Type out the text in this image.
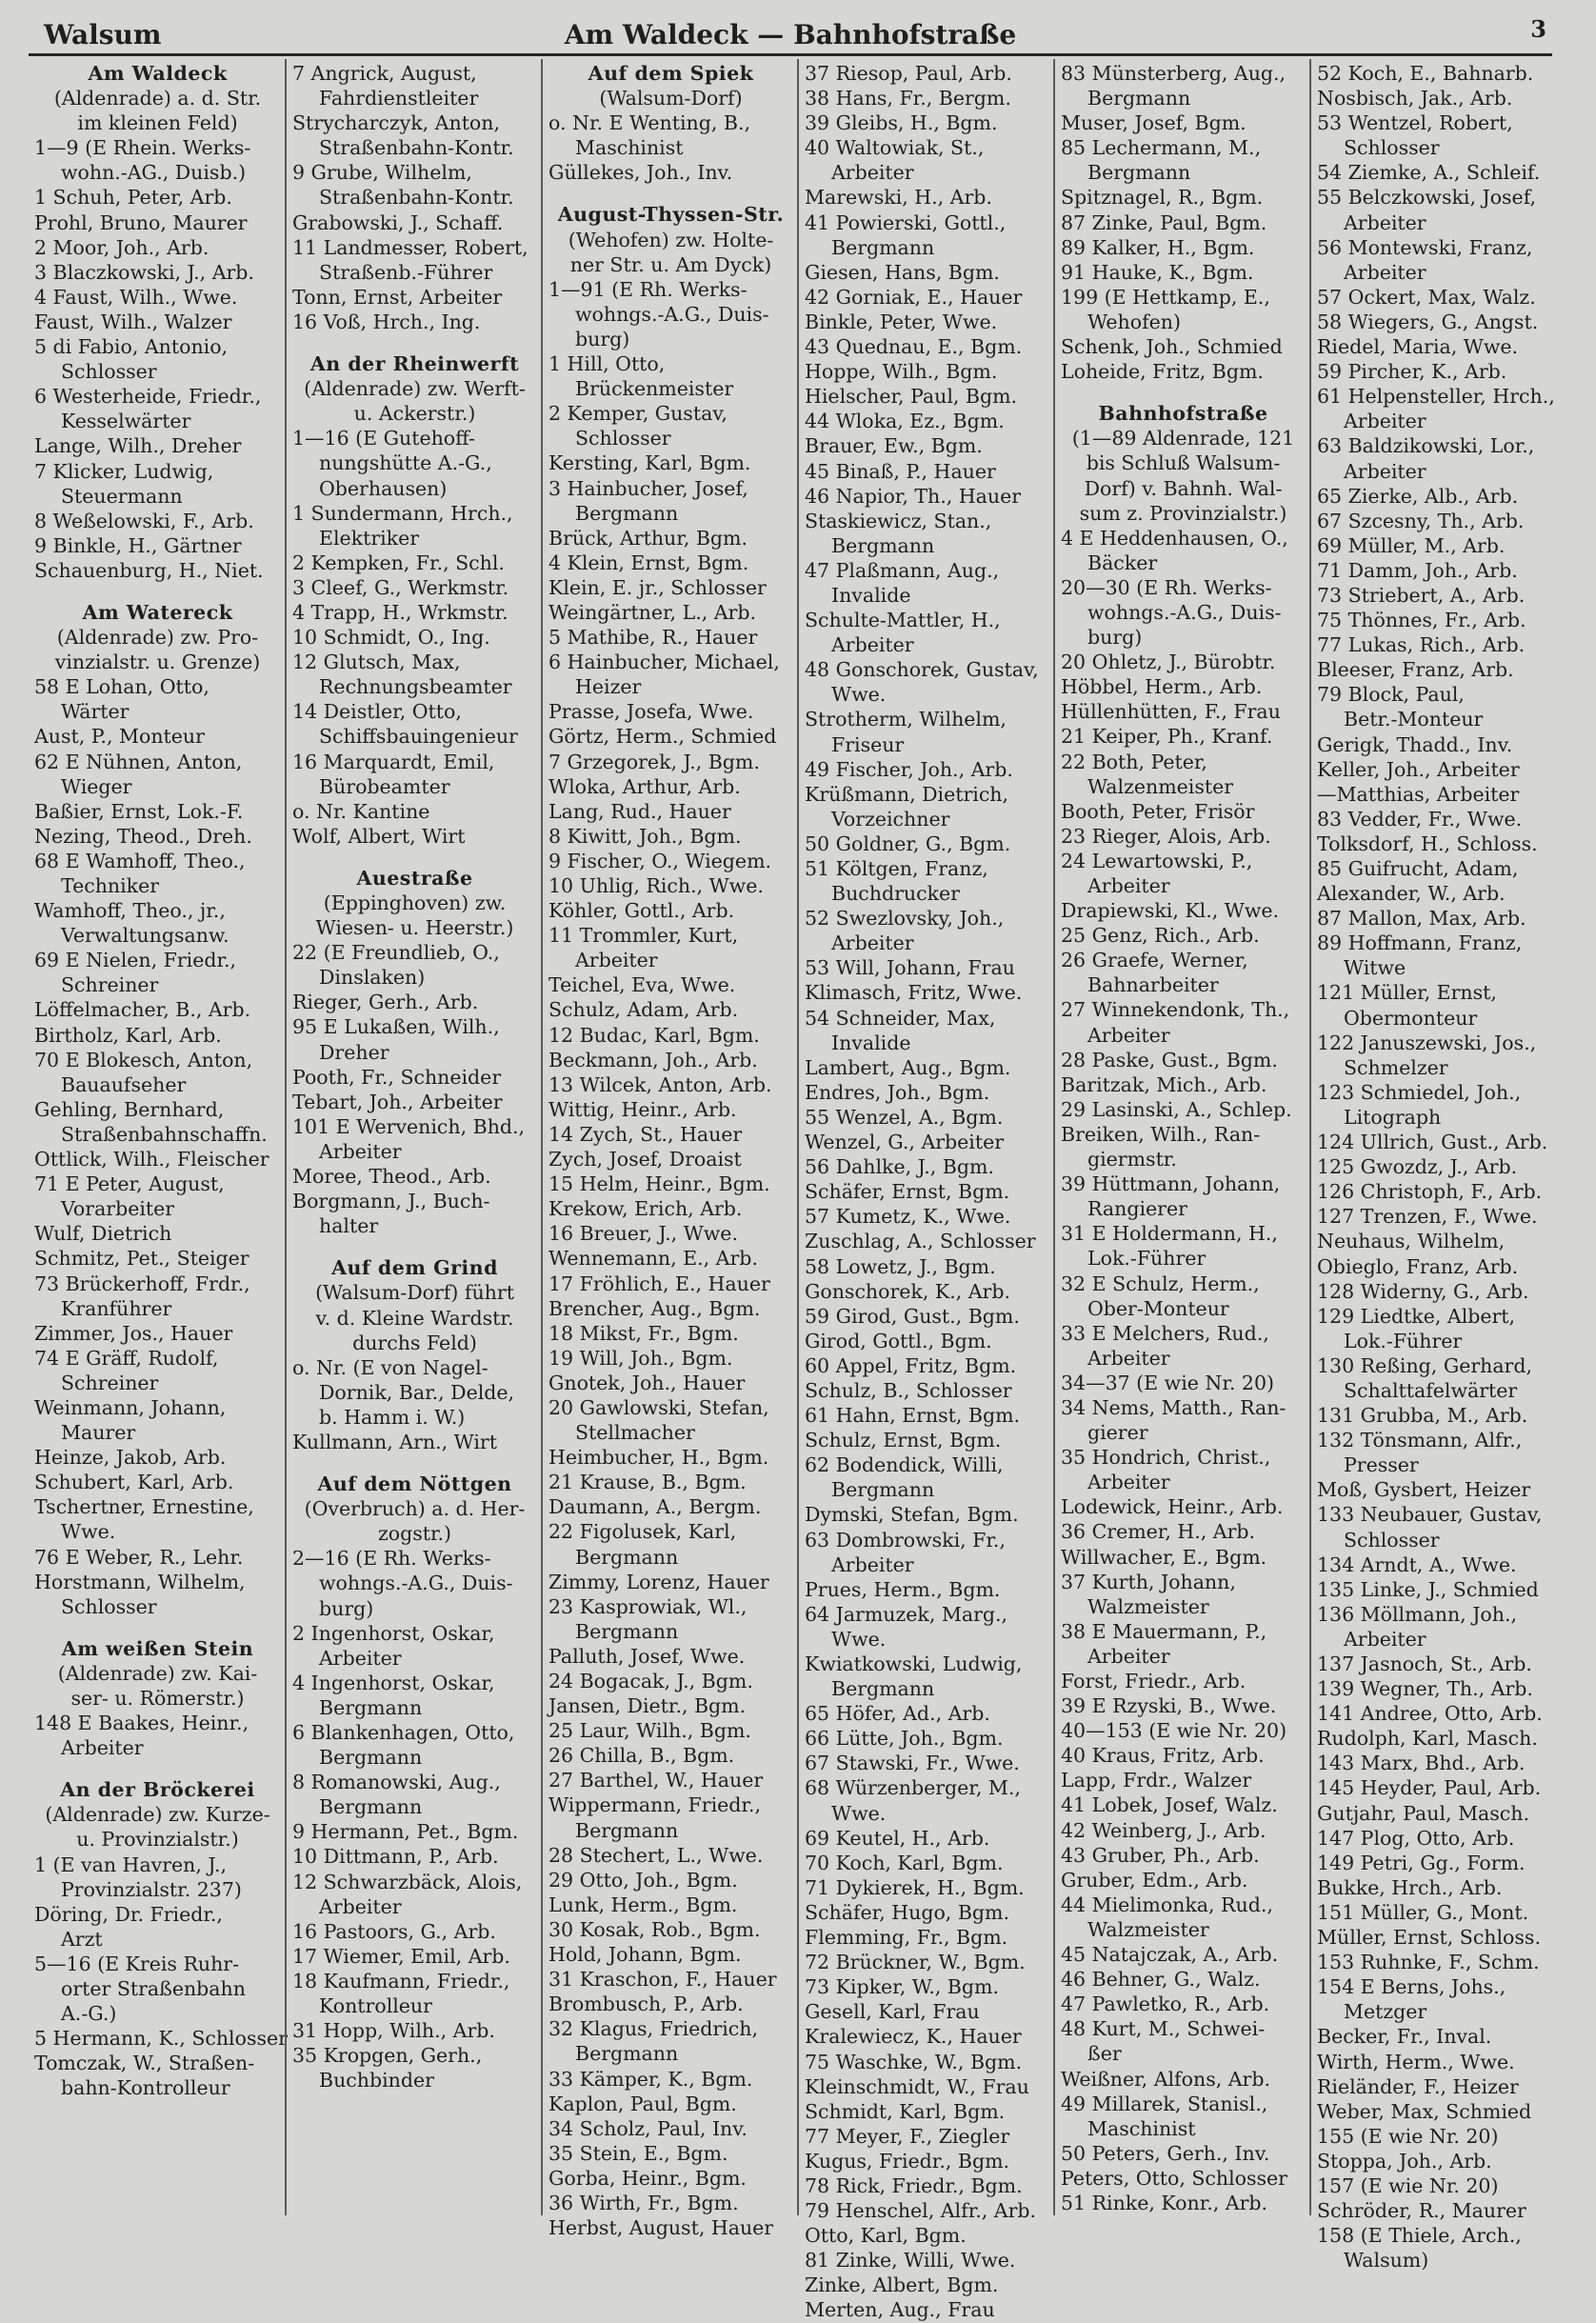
Walsum	Am Waldeck — Bahnhofstraße	3
Am Waldeck
(Aldenrade) a. d. Str.
im kleinen Feld)
1—9 (E Rhein. Werks-
wohn.-AG., Duisb.)
1 Schuh, Peter, Arb.
Prohl, Bruno, Maurer
2 Moor, Joh., Arb.
3 Blaczkowski, J., Arb.
4 Faust, Wilh., Wwe.
Faust, Wilh., Walzer
5 di Fabio, Antonio,
Schlosser
6 Westerheide, Friedr.,
Kesselwärter
Lange, Wilh., Dreher
7 Klicker, Ludwig,
Steuermann
8 Weßelowski, F., Arb.
9 Binkle, H., Gärtner
Schauenburg, H., Niet.
Am Watereck
(Aldenrade) zw. Pro-
vinzialstr. u. Grenze)
58 E Lohan, Otto,
Wärter
Aust, P., Monteur
62 E Nühnen, Anton,
Wieger
Baßier, Ernst, Lok.-F.
Nezing, Theod., Dreh.
68 E Wamhoff, Theo.,
Techniker
Wamhoff, Theo., jr.,
Verwaltungsanw.
69 E Nielen, Friedr.,
Schreiner
Löffelmacher, B., Arb.
Birtholz, Karl, Arb.
70 E Blokesch, Anton,
Bauaufseher
Gehling, Bernhard,
Straßenbahnschaffn.
Ottlick, Wilh., Fleischer
71 E Peter, August,
Vorarbeiter
Wulf, Dietrich
Schmitz, Pet., Steiger
73 Brückerhoff, Frdr.,
Kranführer
Zimmer, Jos., Hauer
74 E Gräff, Rudolf,
Schreiner
Weinmann, Johann,
Maurer
Heinze, Jakob, Arb.
Schubert, Karl, Arb.
Tschertner, Ernestine,
Wwe.
76 E Weber, R., Lehr.
Horstmann, Wilhelm,
Schlosser
Am weißen Stein
(Aldenrade) zw. Kai-
ser- u. Römerstr.)
148 E Baakes, Heinr.,
Arbeiter
An der Bröckerei
(Aldenrade) zw. Kurze-
u. Provinzialstr.)
1 (E van Havren, J.,
Provinzialstr. 237)
Döring, Dr. Friedr.,
Arzt
5—16 (E Kreis Ruhr-
orter Straßenbahn
A.-G.)
5 Hermann, K., Schlosser
Tomczak, W., Straßen-
bahn-Kontrolleur
7 Angrick, August,
Fahrdienstleiter
Strycharczyk, Anton,
Straßenbahn-Kontr.
9 Grube, Wilhelm,
Straßenbahn-Kontr.
Grabowski, J., Schaff.
11 Landmesser, Robert,
Straßenb.-Führer
Tonn, Ernst, Arbeiter
16 Voß, Hrch., Ing.
An der Rheinwerft
(Aldenrade) zw. Werft-
u. Ackerstr.)
1—16 (E Gutehoff-
nungshütte A.-G.,
Oberhausen)
1 Sundermann, Hrch.,
Elektriker
2 Kempken, Fr., Schl.
3 Cleef, G., Werkmstr.
4 Trapp, H., Wrkmstr.
10 Schmidt, O., Ing.
12 Glutsch, Max,
Rechnungsbeamter
14 Deistler, Otto,
Schiffsbauingenieur
16 Marquardt, Emil,
Bürobeamter
o. Nr. Kantine
Wolf, Albert, Wirt
Auestraße
(Eppinghoven) zw.
Wiesen- u. Heerstr.)
22 (E Freundlieb, O.,
Dinslaken)
Rieger, Gerh., Arb.
95 E Lukaßen, Wilh.,
Dreher
Pooth, Fr., Schneider
Tebart, Joh., Arbeiter
101 E Wervenich, Bhd.,
Arbeiter
Moree, Theod., Arb.
Borgmann, J., Buch-
halter
Auf dem Grind
(Walsum-Dorf) führt
v. d. Kleine Wardstr.
durchs Feld)
o. Nr. (E von Nagel-
Dornik, Bar., Delde,
b. Hamm i. W.)
Kullmann, Arn., Wirt
Auf dem Nöttgen
(Overbruch) a. d. Her-
zogstr.)
2—16 (E Rh. Werks-
wohngs.-A.G., Duis-
burg)
2 Ingenhorst, Oskar,
Arbeiter
4 Ingenhorst, Oskar,
Bergmann
6 Blankenhagen, Otto,
Bergmann
8 Romanowski, Aug.,
Bergmann
9 Hermann, Pet., Bgm.
10 Dittmann, P., Arb.
12 Schwarzbäck, Alois,
Arbeiter
16 Pastoors, G., Arb.
17 Wiemer, Emil, Arb.
18 Kaufmann, Friedr.,
Kontrolleur
31 Hopp, Wilh., Arb.
35 Kropgen, Gerh.,
Buchbinder
Auf dem Spiek
(Walsum-Dorf)
o. Nr. E Wenting, B.,
Maschinist
Güllekes, Joh., Inv.
August-Thyssen-Str.
(Wehofen) zw. Holte-
ner Str. u. Am Dyck)
1—91 (E Rh. Werks-
wohngs.-A.G., Duis-
burg)
1 Hill, Otto,
Brückenmeister
2 Kemper, Gustav,
Schlosser
Kersting, Karl, Bgm.
3 Hainbucher, Josef,
Bergmann
Brück, Arthur, Bgm.
4 Klein, Ernst, Bgm.
Klein, E. jr., Schlosser
Weingärtner, L., Arb.
5 Mathibe, R., Hauer
6 Hainbucher, Michael,
Heizer
Prasse, Josefa, Wwe.
Görtz, Herm., Schmied
7 Grzegorek, J., Bgm.
Wloka, Arthur, Arb.
Lang, Rud., Hauer
8 Kiwitt, Joh., Bgm.
9 Fischer, O., Wiegem.
10 Uhlig, Rich., Wwe.
Köhler, Gottl., Arb.
11 Trommler, Kurt,
Arbeiter
Teichel, Eva, Wwe.
Schulz, Adam, Arb.
12 Budac, Karl, Bgm.
Beckmann, Joh., Arb.
13 Wilcek, Anton, Arb.
Wittig, Heinr., Arb.
14 Zych, St., Hauer
Zych, Josef, Droaist
15 Helm, Heinr., Bgm.
Krekow, Erich, Arb.
16 Breuer, J., Wwe.
Wennemann, E., Arb.
17 Fröhlich, E., Hauer
Brencher, Aug., Bgm.
18 Mikst, Fr., Bgm.
19 Will, Joh., Bgm.
Gnotek, Joh., Hauer
20 Gawlowski, Stefan,
Stellmacher
Heimbucher, H., Bgm.
21 Krause, B., Bgm.
Daumann, A., Bergm.
22 Figolusek, Karl,
Bergmann
Zimmy, Lorenz, Hauer
23 Kasprowiak, Wl.,
Bergmann
Palluth, Josef, Wwe.
24 Bogacak, J., Bgm.
Jansen, Dietr., Bgm.
25 Laur, Wilh., Bgm.
26 Chilla, B., Bgm.
27 Barthel, W., Hauer
Wippermann, Friedr.,
Bergmann
28 Stechert, L., Wwe.
29 Otto, Joh., Bgm.
Lunk, Herm., Bgm.
30 Kosak, Rob., Bgm.
Hold, Johann, Bgm.
31 Kraschon, F., Hauer
Brombusch, P., Arb.
32 Klagus, Friedrich,
Bergmann
33 Kämper, K., Bgm.
Kaplon, Paul, Bgm.
34 Scholz, Paul, Inv.
35 Stein, E., Bgm.
Gorba, Heinr., Bgm.
36 Wirth, Fr., Bgm.
Herbst, August, Hauer
37 Riesop, Paul, Arb.
38 Hans, Fr., Bergm.
39 Gleibs, H., Bgm.
40 Waltowiak, St.,
Arbeiter
Marewski, H., Arb.
41 Powierski, Gottl.,
Bergmann
Giesen, Hans, Bgm.
42 Gorniak, E., Hauer
Binkle, Peter, Wwe.
43 Quednau, E., Bgm.
Hoppe, Wilh., Bgm.
Hielscher, Paul, Bgm.
44 Wloka, Ez., Bgm.
Brauer, Ew., Bgm.
45 Binaß, P., Hauer
46 Napior, Th., Hauer
Staskiewicz, Stan.,
Bergmann
47 Plaßmann, Aug.,
Invalide
Schulte-Mattler, H.,
Arbeiter
48 Gonschorek, Gustav,
Wwe.
Strotherm, Wilhelm,
Friseur
49 Fischer, Joh., Arb.
Krüßmann, Dietrich,
Vorzeichner
50 Goldner, G., Bgm.
51 Költgen, Franz,
Buchdrucker
52 Swezlovsky, Joh.,
Arbeiter
53 Will, Johann, Frau
Klimasch, Fritz, Wwe.
54 Schneider, Max,
Invalide
Lambert, Aug., Bgm.
Endres, Joh., Bgm.
55 Wenzel, A., Bgm.
Wenzel, G., Arbeiter
56 Dahlke, J., Bgm.
Schäfer, Ernst, Bgm.
57 Kumetz, K., Wwe.
Zuschlag, A., Schlosser
58 Lowetz, J., Bgm.
Gonschorek, K., Arb.
59 Girod, Gust., Bgm.
Girod, Gottl., Bgm.
60 Appel, Fritz, Bgm.
Schulz, B., Schlosser
61 Hahn, Ernst, Bgm.
Schulz, Ernst, Bgm.
62 Bodendick, Willi,
Bergmann
Dymski, Stefan, Bgm.
63 Dombrowski, Fr.,
Arbeiter
Prues, Herm., Bgm.
64 Jarmuzek, Marg.,
Wwe.
Kwiatkowski, Ludwig,
Bergmann
65 Höfer, Ad., Arb.
66 Lütte, Joh., Bgm.
67 Stawski, Fr., Wwe.
68 Würzenberger, M.,
Wwe.
69 Keutel, H., Arb.
70 Koch, Karl, Bgm.
71 Dykierek, H., Bgm.
Schäfer, Hugo, Bgm.
Flemming, Fr., Bgm.
72 Brückner, W., Bgm.
73 Kipker, W., Bgm.
Gesell, Karl, Frau
Kralewiecz, K., Hauer
75 Waschke, W., Bgm.
Kleinschmidt, W., Frau
Schmidt, Karl, Bgm.
77 Meyer, F., Ziegler
Kugus, Friedr., Bgm.
78 Rick, Friedr., Bgm.
79 Henschel, Alfr., Arb.
Otto, Karl, Bgm.
81 Zinke, Willi, Wwe.
Zinke, Albert, Bgm.
Merten, Aug., Frau
83 Münsterberg, Aug.,
Bergmann
Muser, Josef, Bgm.
85 Lechermann, M.,
Bergmann
Spitznagel, R., Bgm.
87 Zinke, Paul, Bgm.
89 Kalker, H., Bgm.
91 Hauke, K., Bgm.
199 (E Hettkamp, E.,
Wehofen)
Schenk, Joh., Schmied
Loheide, Fritz, Bgm.
Bahnhofstraße
(1—89 Aldenrade, 121
bis Schluß Walsum-
Dorf) v. Bahnh. Wal-
sum z. Provinzialstr.)
4 E Heddenhausen, O.,
Bäcker
20—30 (E Rh. Werks-
wohngs.-A.G., Duis-
burg)
20 Ohletz, J., Bürobtr.
Höbbel, Herm., Arb.
Hüllenhütten, F., Frau
21 Keiper, Ph., Kranf.
22 Both, Peter,
Walzenmeister
Booth, Peter, Frisör
23 Rieger, Alois, Arb.
24 Lewartowski, P.,
Arbeiter
Drapiewski, Kl., Wwe.
25 Genz, Rich., Arb.
26 Graefe, Werner,
Bahnarbeiter
27 Winnekendonk, Th.,
Arbeiter
28 Paske, Gust., Bgm.
Baritzak, Mich., Arb.
29 Lasinski, A., Schlep.
Breiken, Wilh., Ran-
giermstr.
39 Hüttmann, Johann,
Rangierer
31 E Holdermann, H.,
Lok.-Führer
32 E Schulz, Herm.,
Ober-Monteur
33 E Melchers, Rud.,
Arbeiter
34—37 (E wie Nr. 20)
34 Nems, Matth., Ran-
gierer
35 Hondrich, Christ.,
Arbeiter
Lodewick, Heinr., Arb.
36 Cremer, H., Arb.
Willwacher, E., Bgm.
37 Kurth, Johann,
Walzmeister
38 E Mauermann, P.,
Arbeiter
Forst, Friedr., Arb.
39 E Rzyski, B., Wwe.
40—153 (E wie Nr. 20)
40 Kraus, Fritz, Arb.
Lapp, Frdr., Walzer
41 Lobek, Josef, Walz.
42 Weinberg, J., Arb.
43 Gruber, Ph., Arb.
Gruber, Edm., Arb.
44 Mielimonka, Rud.,
Walzmeister
45 Natajczak, A., Arb.
46 Behner, G., Walz.
47 Pawletko, R., Arb.
48 Kurt, M., Schwei-
ßer
Weißner, Alfons, Arb.
49 Millarek, Stanisl.,
Maschinist
50 Peters, Gerh., Inv.
Peters, Otto, Schlosser
51 Rinke, Konr., Arb.
52 Koch, E., Bahnarb.
Nosbisch, Jak., Arb.
53 Wentzel, Robert,
Schlosser
54 Ziemke, A., Schleif.
55 Belczkowski, Josef,
Arbeiter
56 Montewski, Franz,
Arbeiter
57 Ockert, Max, Walz.
58 Wiegers, G., Angst.
Riedel, Maria, Wwe.
59 Pircher, K., Arb.
61 Helpensteller, Hrch.,
Arbeiter
63 Baldzikowski, Lor.,
Arbeiter
65 Zierke, Alb., Arb.
67 Szcesny, Th., Arb.
69 Müller, M., Arb.
71 Damm, Joh., Arb.
73 Striebert, A., Arb.
75 Thönnes, Fr., Arb.
77 Lukas, Rich., Arb.
Bleeser, Franz, Arb.
79 Block, Paul,
Betr.-Monteur
Gerigk, Thadd., Inv.
Keller, Joh., Arbeiter
—Matthias, Arbeiter
83 Vedder, Fr., Wwe.
Tolksdorf, H., Schloss.
85 Guifrucht, Adam,
Alexander, W., Arb.
87 Mallon, Max, Arb.
89 Hoffmann, Franz,
Witwe
121 Müller, Ernst,
Obermonteur
122 Januszewski, Jos.,
Schmelzer
123 Schmiedel, Joh.,
Litograph
124 Ullrich, Gust., Arb.
125 Gwozdz, J., Arb.
126 Christoph, F., Arb.
127 Trenzen, F., Wwe.
Neuhaus, Wilhelm,
Obieglo, Franz, Arb.
128 Widerny, G., Arb.
129 Liedtke, Albert,
Lok.-Führer
130 Reßing, Gerhard,
Schalttafelwärter
131 Grubba, M., Arb.
132 Tönsmann, Alfr.,
Presser
Moß, Gysbert, Heizer
133 Neubauer, Gustav,
Schlosser
134 Arndt, A., Wwe.
135 Linke, J., Schmied
136 Möllmann, Joh.,
Arbeiter
137 Jasnoch, St., Arb.
139 Wegner, Th., Arb.
141 Andree, Otto, Arb.
Rudolph, Karl, Masch.
143 Marx, Bhd., Arb.
145 Heyder, Paul, Arb.
Gutjahr, Paul, Masch.
147 Plog, Otto, Arb.
149 Petri, Gg., Form.
Bukke, Hrch., Arb.
151 Müller, G., Mont.
Müller, Ernst, Schloss.
153 Ruhnke, F., Schm.
154 E Berns, Johs.,
Metzger
Becker, Fr., Inval.
Wirth, Herm., Wwe.
Rieländer, F., Heizer
Weber, Max, Schmied
155 (E wie Nr. 20)
Stoppa, Joh., Arb.
157 (E wie Nr. 20)
Schröder, R., Maurer
158 (E Thiele, Arch.,
Walsum)
